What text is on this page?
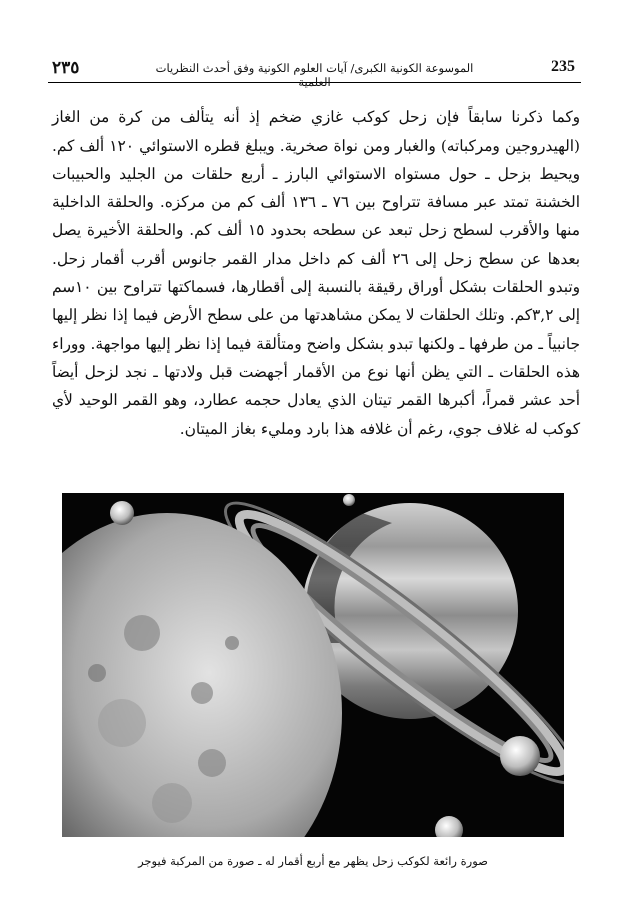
٢٣٥	الموسوعة الكونية الكبرى/ آيات العلوم الكونية وفق أحدث النظريات العلمية
235

وكما ذكرنا سابقاً فإن زحل كوكب غازي ضخم إذ أنه يتألف من كرة من الغاز (الهيدروجين ومركباته) والغبار ومن نواة صخرية. ويبلغ قطره الاستوائي ١٢٠ ألف كم. ويحيط بزحل ـ حول مستواه الاستوائي البارز ـ أربع حلقات من الجليد والحبيبات الخشنة تمتد عبر مسافة تتراوح بين ٧٦ ـ ١٣٦ ألف كم من مركزه. والحلقة الداخلية منها والأقرب لسطح زحل تبعد عن سطحه بحدود ١٥ ألف كم. والحلقة الأخيرة يصل بعدها عن سطح زحل إلى ٢٦ ألف كم داخل مدار القمر جانوس أقرب أقمار زحل. وتبدو الحلقات بشكل أوراق رقيقة بالنسبة إلى أقطارها، فسماكتها تتراوح بين ١٠سم إلى ٣,٢كم. وتلك الحلقات لا يمكن مشاهدتها من على سطح الأرض فيما إذا نظر إليها جانبياً ـ من طرفها ـ ولكنها تبدو بشكل واضح ومتألقة فيما إذا نظر إليها مواجهة. ووراء هذه الحلقات ـ التي يظن أنها نوع من الأقمار أجهضت قبل ولادتها ـ نجد لزحل أيضاً أحد عشر قمراً، أكبرها القمر تيتان الذي يعادل حجمه عطارد، وهو القمر الوحيد لأي كوكب له غلاف جوي، رغم أن غلافه هذا بارد ومليء بغاز الميتان.

صورة رائعة لكوكب زحل يظهر مع أربع أقمار له ـ صورة من المركبة فيوجر
